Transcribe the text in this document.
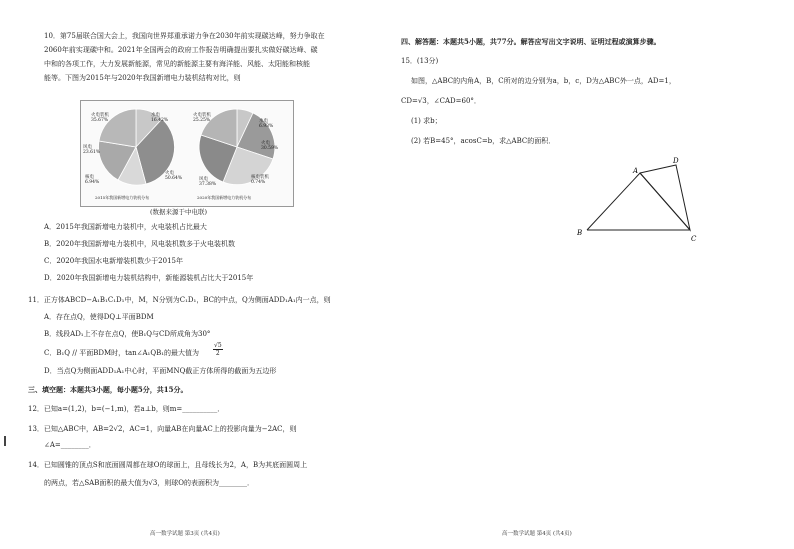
10．第75届联合国大会上，我国向世界郑重承诺力争在2030年前实现碳达峰，努力争取在
2060年前实现碳中和。2021年全国两会的政府工作报告明确提出要扎实做好碳达峰、碳
中和的各项工作，大力发展新能源，常见的新能源主要有海洋能、风能、太阳能和核能
能等。下图为2015年与2020年我国新增电力装机结构对比，则
火电装机
35.67%
水电
16.42%
风电
23.61%
核电
6.94%
火电
50.64%
2015年我国新增电力装机分布
火电装机
25.25%	水电
6.93%
风电
37.38%
火电
30.59%
核电装机
0.74%
2020年我国新增电力装机分布
(数据来源于中电联)
A．2015年我国新增电力装机中，火电装机占比最大
B．2020年我国新增电力装机中，风电装机数多于火电装机数
C．2020年我国水电新增装机数少于2015年
D．2020年我国新增电力装机结构中，新能源装机占比大于2015年
11．正方体ABCD−A₁B₁C₁D₁中，M，N分别为C₁D₁，BC的中点，Q为侧面ADD₁A₁内一点，则
A．存在点Q，使得DQ⊥平面BDM
B．线段AD₁上不存在点Q，使B₁Q与CD所成角为30°
C．B₁Q // 平面BDM时，tan∠A₁QB₁的最大值为 $\frac{√5}{2}$
D．当点Q为侧面ADD₁A₁中心时，平面MNQ截正方体所得的截面为五边形
三、填空题：本题共3小题，每小题5分，共15分。
12．已知a=(1,2)，b=(−1,m)，若a⊥b，则m=__________．
13．已知△ABC中，AB=2√2，AC=1，向量AB在向量AC上的投影向量为−2AC，则
∠A=________．
14．已知圆锥的顶点S和底面圆周都在球O的球面上，且母线长为2，A，B为其底面圆周上
的两点，若△SAB面积的最大值为√3，则球O的表面积为________．
高一数学试题 第3页 (共4页)
四、解答题：本题共5小题，共77分。解答应写出文字说明、证明过程或演算步骤。
15．(13分)
如图，△ABC的内角A，B，C所对的边分别为a，b，c，D为△ABC外一点，AD=1，
CD=√3，∠CAD=60°．
(1) 求b；
(2) 若B=45°，acosC=b，求△ABC的面积．
B
A
D
C
高一数学试题 第4页 (共4页)
